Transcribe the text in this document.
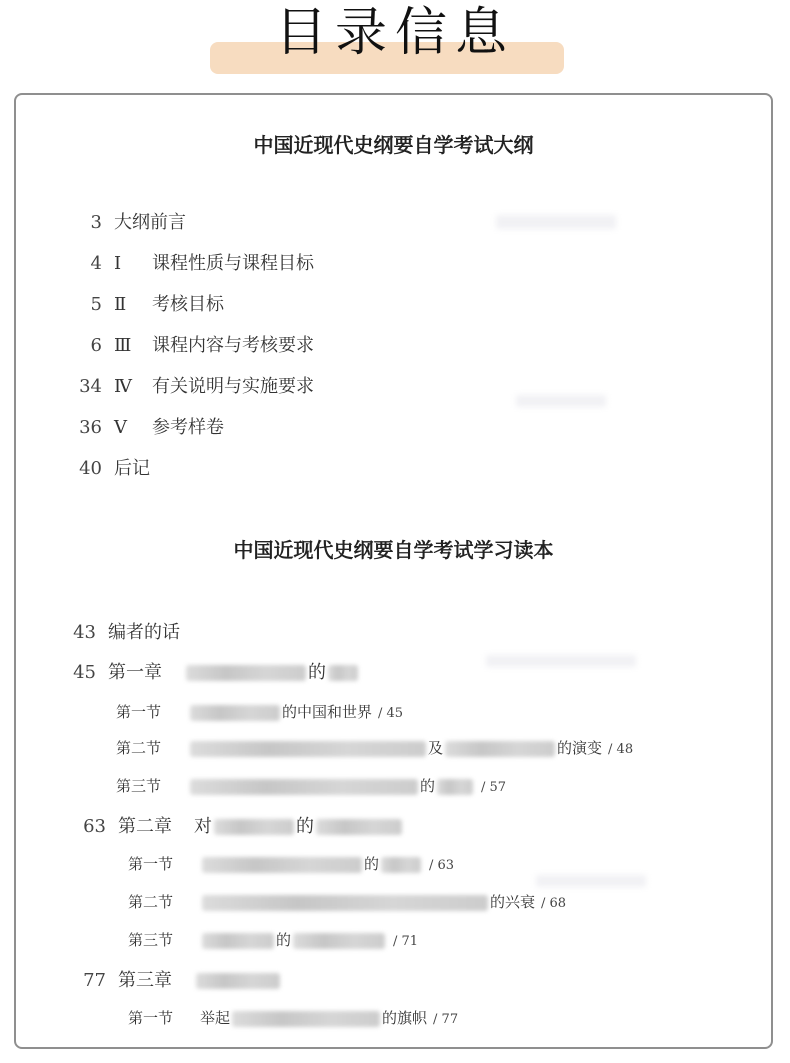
目录信息
中国近现代史纲要自学考试大纲
3 大纲前言
4 Ⅰ 课程性质与课程目标
5 Ⅱ 考核目标
6 Ⅲ 课程内容与考核要求
34 Ⅳ 有关说明与实施要求
36 Ⅴ 参考样卷
40 后记
中国近现代史纲要自学考试学习读本
43 编者的话
45 第一章	的
第一节	的中国和世界 / 45
第二节	及	的演变 / 48
第三节	的	/ 57
63 第二章 对	的
第一节	的	/ 63
第二节	的兴衰 / 68
第三节	的	/ 71
77 第三章
第一节 举起	的旗帜 / 77
